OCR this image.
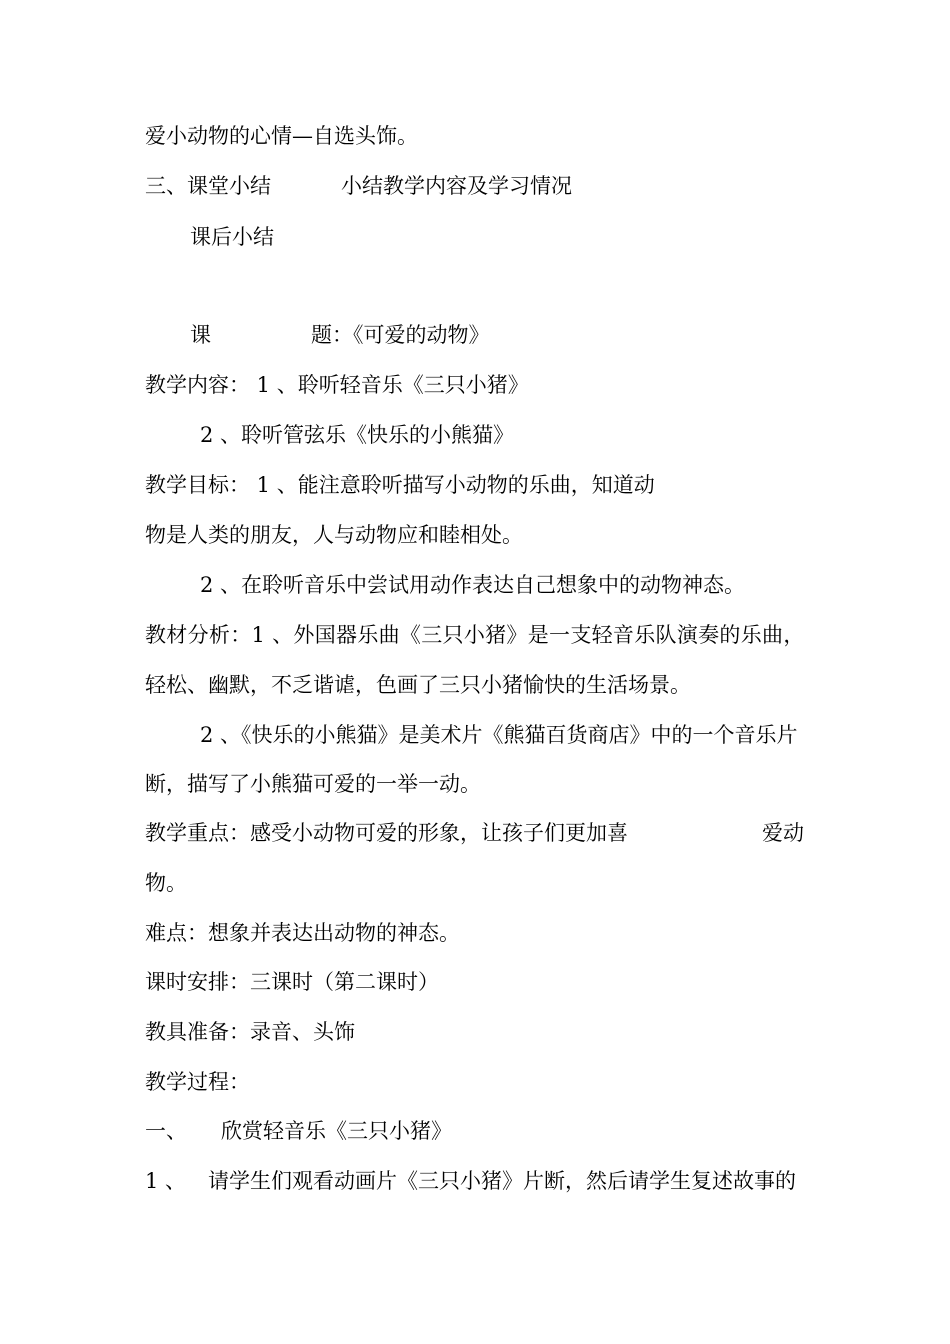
爱小动物的心情—自选头饰。

三、课堂小结	小结教学内容及学习情况

课后小结

课	题：《可爱的动物》

教学内容： 1 、聆听轻音乐《三只小猪》

2 、聆听管弦乐《快乐的小熊猫》

教学目标： 1 、能注意聆听描写小动物的乐曲，知道动

物是人类的朋友，人与动物应和睦相处。

2 、在聆听音乐中尝试用动作表达自己想象中的动物神态。

教材分析：1 、外国器乐曲《三只小猪》是一支轻音乐队演奏的乐曲，

轻松、幽默，不乏谐谑，色画了三只小猪愉快的生活场景。

2 、《快乐的小熊猫》是美术片《熊猫百货商店》中的一个音乐片

断，描写了小熊猫可爱的一举一动。

教学重点：感受小动物可爱的形象，让孩子们更加喜	爱动

物。

难点：想象并表达出动物的神态。

课时安排：三课时（第二课时）

教具准备：录音、头饰

教学过程：

一、 欣赏轻音乐《三只小猪》

1 、 请学生们观看动画片《三只小猪》片断，然后请学生复述故事的
